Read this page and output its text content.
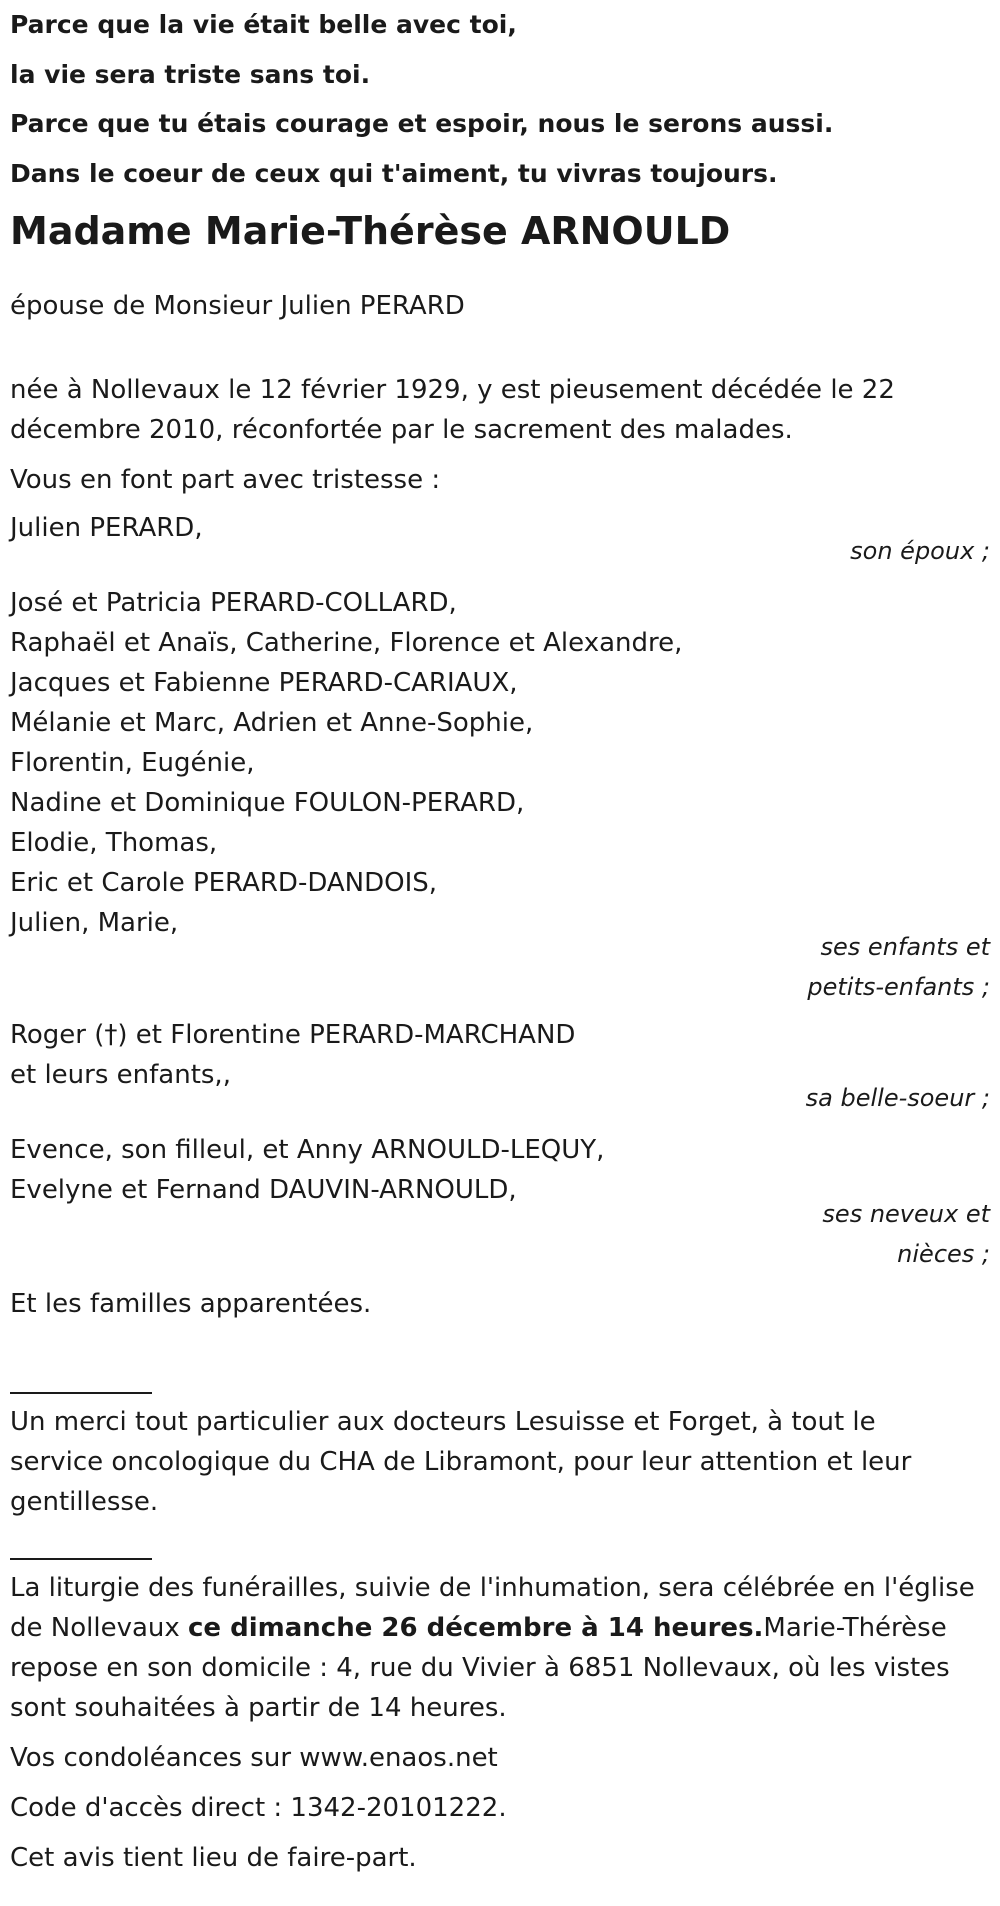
Parce que la vie était belle avec toi,
la vie sera triste sans toi.
Parce que tu étais courage et espoir, nous le serons aussi.
Dans le coeur de ceux qui t'aiment, tu vivras toujours.
Madame Marie-Thérèse ARNOULD
épouse de Monsieur Julien PERARD
née à Nollevaux le 12 février 1929, y est pieusement décédée le 22
décembre 2010, réconfortée par le sacrement des malades.
Vous en font part avec tristesse :
Julien PERARD,
son époux ;
José et Patricia PERARD-COLLARD,
Raphaël et Anaïs, Catherine, Florence et Alexandre,
Jacques et Fabienne PERARD-CARIAUX,
Mélanie et Marc, Adrien et Anne-Sophie,
Florentin, Eugénie,
Nadine et Dominique FOULON-PERARD,
Elodie, Thomas,
Eric et Carole PERARD-DANDOIS,
Julien, Marie,
ses enfants et
petits-enfants ;
Roger (†) et Florentine PERARD-MARCHAND
et leurs enfants,,
sa belle-soeur ;
Evence, son filleul, et Anny ARNOULD-LEQUY,
Evelyne et Fernand DAUVIN-ARNOULD,
ses neveux et
nièces ;
Et les familles apparentées.
Un merci tout particulier aux docteurs Lesuisse et Forget, à tout le
service oncologique du CHA de Libramont, pour leur attention et leur
gentillesse.
La liturgie des funérailles, suivie de l'inhumation, sera célébrée en l'église
de Nollevaux ce dimanche 26 décembre à 14 heures.Marie-Thérèse
repose en son domicile : 4, rue du Vivier à 6851 Nollevaux, où les vistes
sont souhaitées à partir de 14 heures.
Vos condoléances sur www.enaos.net
Code d'accès direct : 1342-20101222.
Cet avis tient lieu de faire-part.
